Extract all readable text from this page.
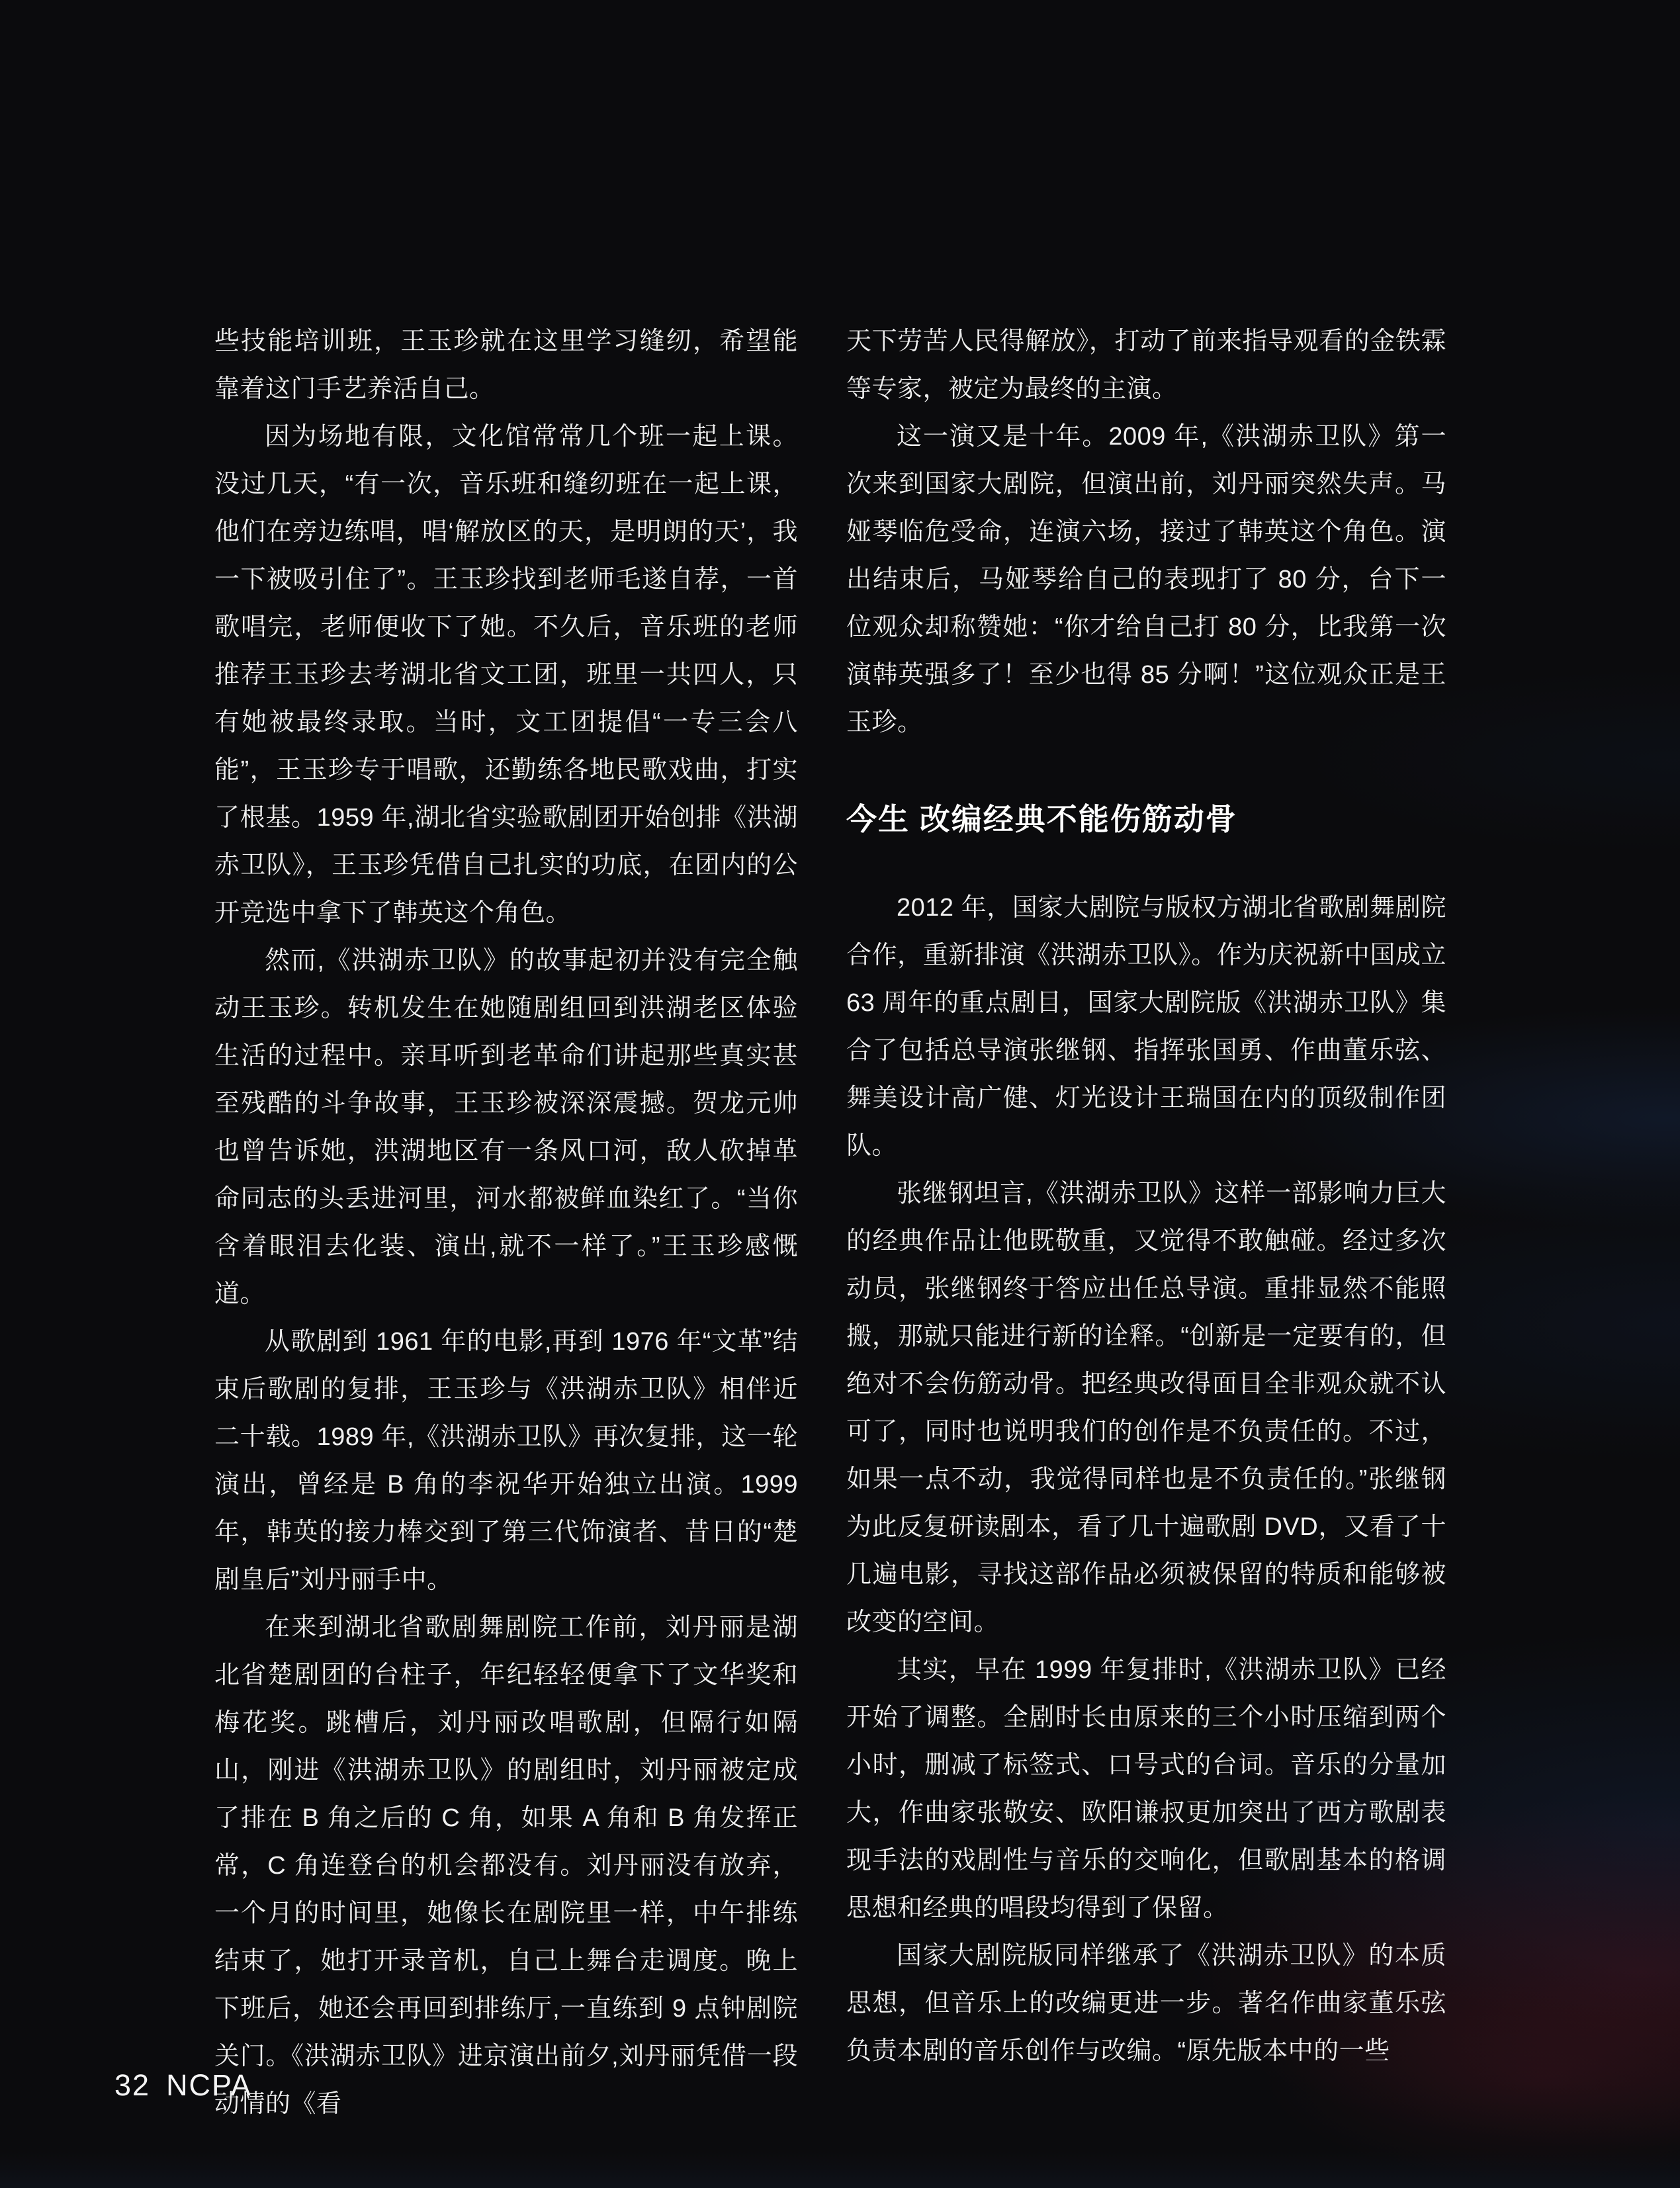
些技能培训班，王玉珍就在这里学习缝纫，希望能靠着这门手艺养活自己。

因为场地有限，文化馆常常几个班一起上课。没过几天，“有一次，音乐班和缝纫班在一起上课，他们在旁边练唱，唱‘解放区的天，是明朗的天’，我一下被吸引住了”。王玉珍找到老师毛遂自荐，一首歌唱完，老师便收下了她。不久后，音乐班的老师推荐王玉珍去考湖北省文工团，班里一共四人，只有她被最终录取。当时，文工团提倡“一专三会八能”，王玉珍专于唱歌，还勤练各地民歌戏曲，打实了根基。1959 年,湖北省实验歌剧团开始创排《洪湖赤卫队》，王玉珍凭借自己扎实的功底，在团内的公开竞选中拿下了韩英这个角色。

然而,《洪湖赤卫队》的故事起初并没有完全触动王玉珍。转机发生在她随剧组回到洪湖老区体验生活的过程中。亲耳听到老革命们讲起那些真实甚至残酷的斗争故事，王玉珍被深深震撼。贺龙元帅也曾告诉她，洪湖地区有一条风口河，敌人砍掉革命同志的头丢进河里，河水都被鲜血染红了。“当你含着眼泪去化装、演出,就不一样了。”王玉珍感慨道。

从歌剧到 1961 年的电影,再到 1976 年“文革”结束后歌剧的复排，王玉珍与《洪湖赤卫队》相伴近二十载。1989 年,《洪湖赤卫队》再次复排，这一轮演出，曾经是 B 角的李祝华开始独立出演。1999 年，韩英的接力棒交到了第三代饰演者、昔日的“楚剧皇后”刘丹丽手中。

在来到湖北省歌剧舞剧院工作前，刘丹丽是湖北省楚剧团的台柱子，年纪轻轻便拿下了文华奖和梅花奖。跳槽后，刘丹丽改唱歌剧，但隔行如隔山，刚进《洪湖赤卫队》的剧组时，刘丹丽被定成了排在 B 角之后的 C 角，如果 A 角和 B 角发挥正常，C 角连登台的机会都没有。刘丹丽没有放弃，一个月的时间里，她像长在剧院里一样，中午排练结束了，她打开录音机，自己上舞台走调度。晚上下班后，她还会再回到排练厅,一直练到 9 点钟剧院关门。《洪湖赤卫队》进京演出前夕,刘丹丽凭借一段动情的《看

天下劳苦人民得解放》，打动了前来指导观看的金铁霖等专家，被定为最终的主演。

这一演又是十年。2009 年,《洪湖赤卫队》第一次来到国家大剧院，但演出前，刘丹丽突然失声。马娅琴临危受命，连演六场，接过了韩英这个角色。演出结束后，马娅琴给自己的表现打了 80 分，台下一位观众却称赞她：“你才给自己打 80 分，比我第一次演韩英强多了！至少也得 85 分啊！”这位观众正是王玉珍。

今生 改编经典不能伤筋动骨

2012 年，国家大剧院与版权方湖北省歌剧舞剧院合作，重新排演《洪湖赤卫队》。作为庆祝新中国成立 63 周年的重点剧目，国家大剧院版《洪湖赤卫队》集合了包括总导演张继钢、指挥张国勇、作曲董乐弦、舞美设计高广健、灯光设计王瑞国在内的顶级制作团队。

张继钢坦言,《洪湖赤卫队》这样一部影响力巨大的经典作品让他既敬重，又觉得不敢触碰。经过多次动员，张继钢终于答应出任总导演。重排显然不能照搬，那就只能进行新的诠释。“创新是一定要有的，但绝对不会伤筋动骨。把经典改得面目全非观众就不认可了，同时也说明我们的创作是不负责任的。不过，如果一点不动，我觉得同样也是不负责任的。”张继钢为此反复研读剧本，看了几十遍歌剧 DVD，又看了十几遍电影，寻找这部作品必须被保留的特质和能够被改变的空间。

其实，早在 1999 年复排时,《洪湖赤卫队》已经开始了调整。全剧时长由原来的三个小时压缩到两个小时，删减了标签式、口号式的台词。音乐的分量加大，作曲家张敬安、欧阳谦叔更加突出了西方歌剧表现手法的戏剧性与音乐的交响化，但歌剧基本的格调思想和经典的唱段均得到了保留。

国家大剧院版同样继承了《洪湖赤卫队》的本质思想，但音乐上的改编更进一步。著名作曲家董乐弦负责本剧的音乐创作与改编。“原先版本中的一些

32 NCPA
